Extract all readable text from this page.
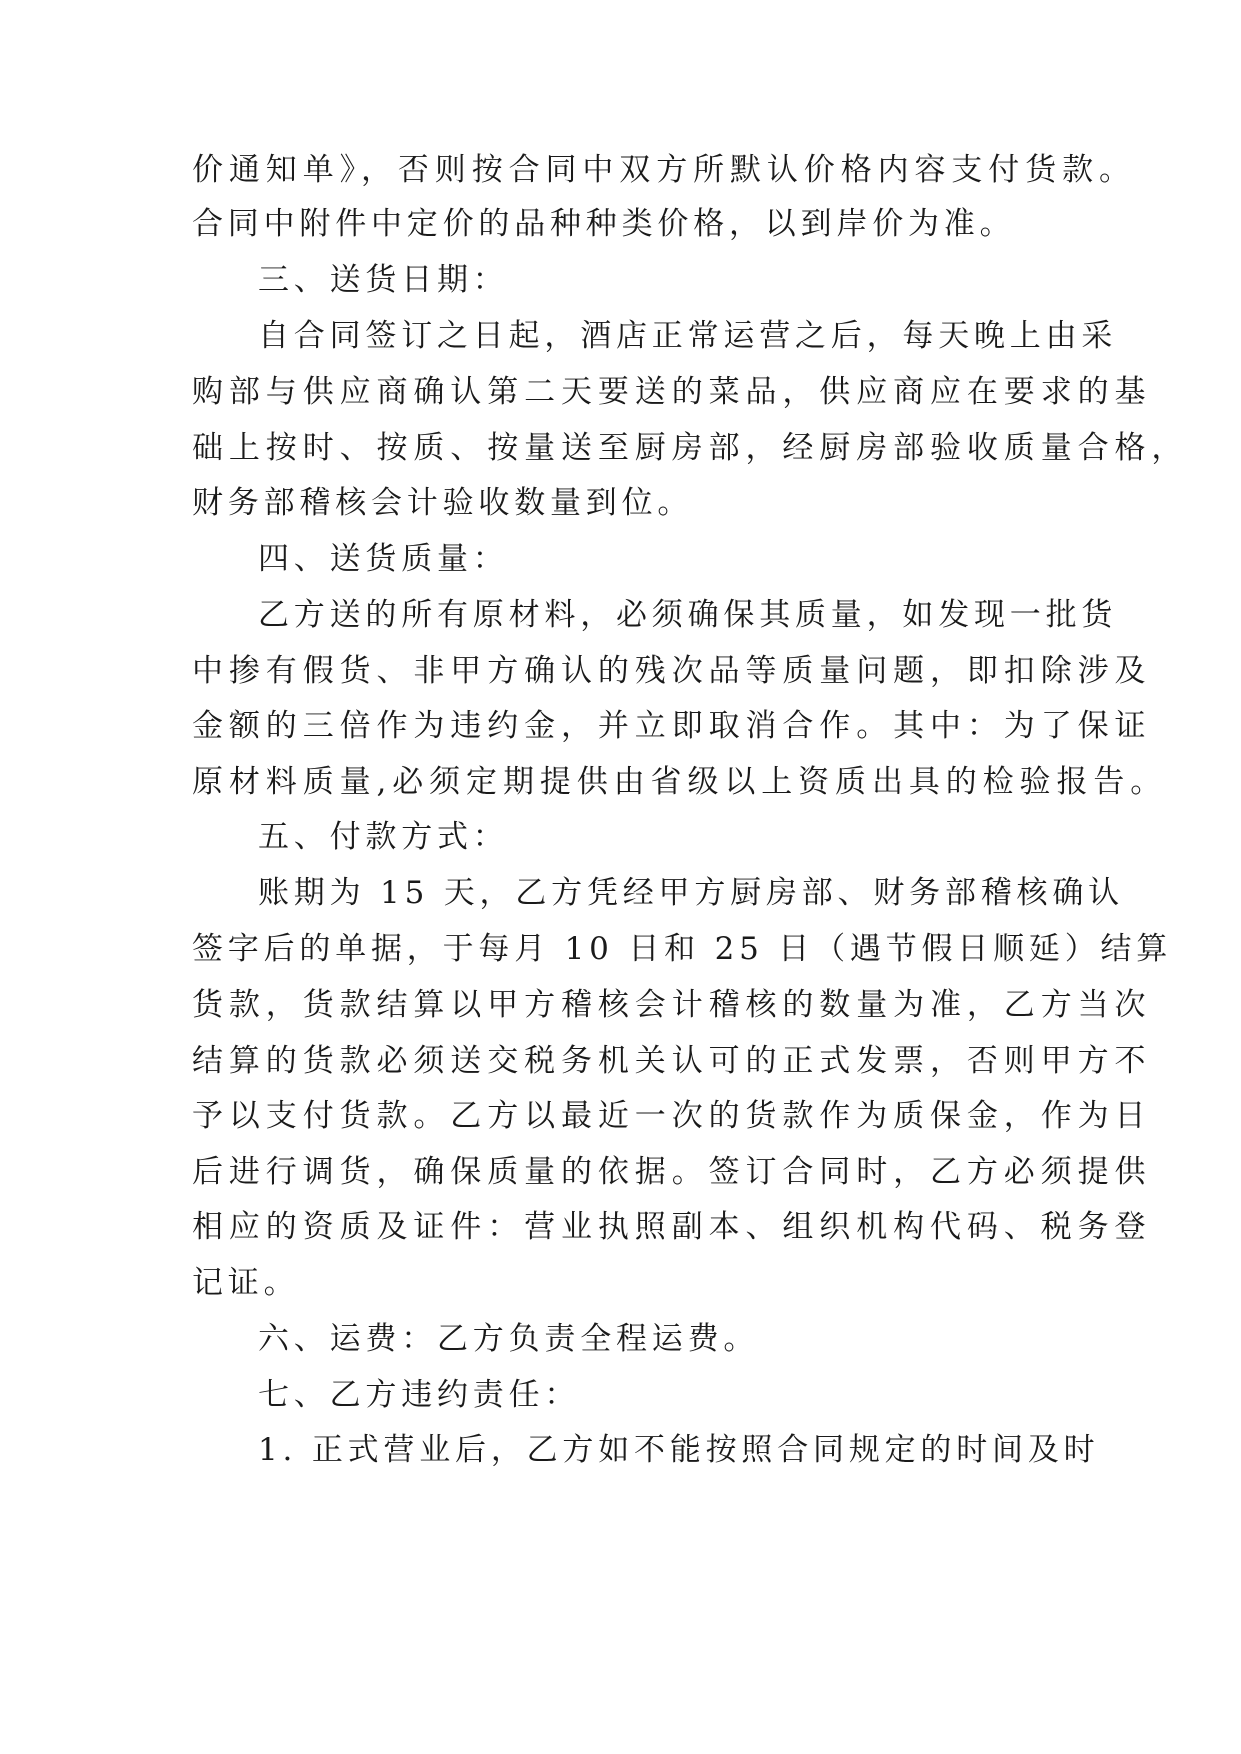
价通知单》，否则按合同中双方所默认价格内容支付货款。
合同中附件中定价的品种种类价格，以到岸价为准。
三、送货日期：
自合同签订之日起，酒店正常运营之后，每天晚上由采
购部与供应商确认第二天要送的菜品，供应商应在要求的基
础上按时、按质、按量送至厨房部，经厨房部验收质量合格，
财务部稽核会计验收数量到位。
四、送货质量：
乙方送的所有原材料，必须确保其质量，如发现一批货
中掺有假货、非甲方确认的残次品等质量问题，即扣除涉及
金额的三倍作为违约金，并立即取消合作。其中：为了保证
原材料质量,必须定期提供由省级以上资质出具的检验报告。
五、付款方式：
账期为 15 天，乙方凭经甲方厨房部、财务部稽核确认
签字后的单据，于每月 10 日和 25 日（遇节假日顺延）结算
货款，货款结算以甲方稽核会计稽核的数量为准，乙方当次
结算的货款必须送交税务机关认可的正式发票，否则甲方不
予以支付货款。乙方以最近一次的货款作为质保金，作为日
后进行调货，确保质量的依据。签订合同时，乙方必须提供
相应的资质及证件：营业执照副本、组织机构代码、税务登
记证。
六、运费：乙方负责全程运费。
七、乙方违约责任：
1. 正式营业后，乙方如不能按照合同规定的时间及时
